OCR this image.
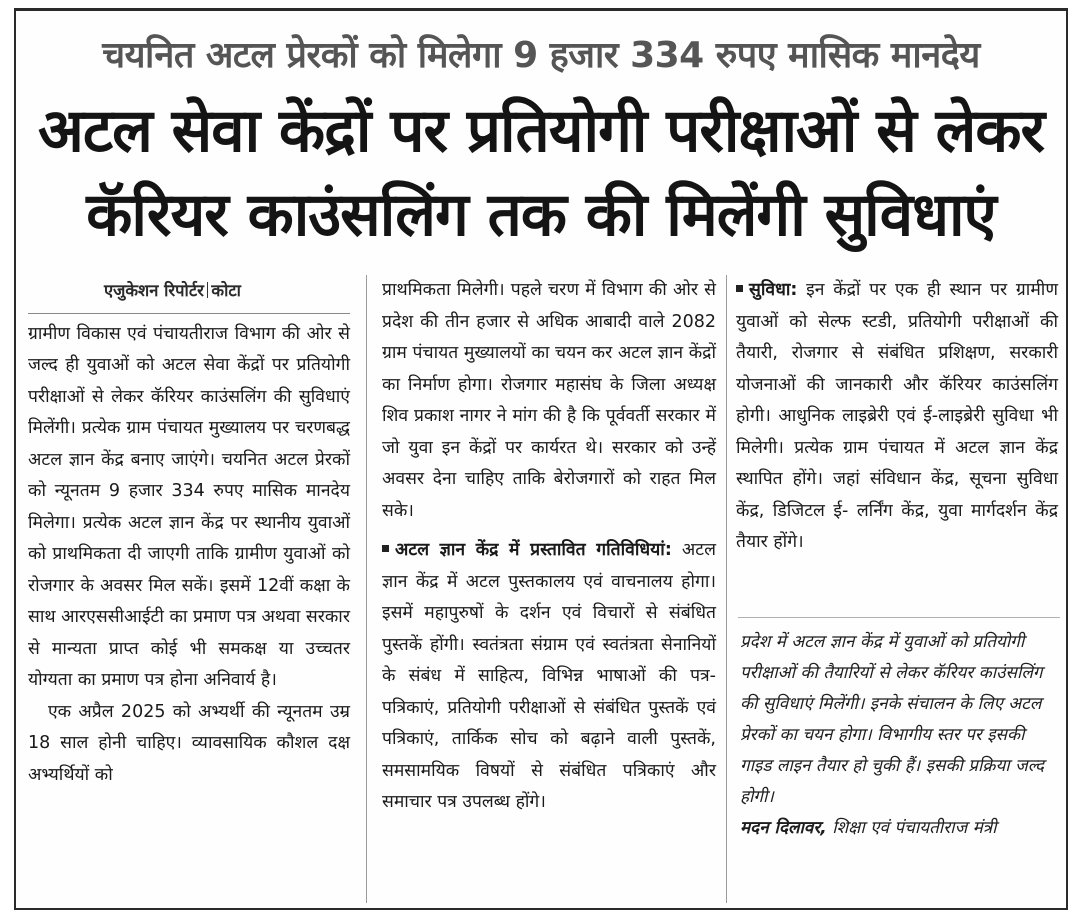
चयनित अटल प्रेरकों को मिलेगा 9 हजार 334 रुपए मासिक मानदेय
अटल सेवा केंद्रों पर प्रतियोगी परीक्षाओं से लेकर
कॅरियर काउंसलिंग तक की मिलेंगी सुविधाएं
एजुकेशन रिपोर्टर कोटा

ग्रामीण विकास एवं पंचायतीराज विभाग की ओर से जल्द ही युवाओं को अटल सेवा केंद्रों पर प्रतियोगी परीक्षाओं से लेकर कॅरियर काउंसलिंग की सुविधाएं मिलेंगी। प्रत्येक ग्राम पंचायत मुख्यालय पर चरणबद्ध अटल ज्ञान केंद्र बनाए जाएंगे। चयनित अटल प्रेरकों को न्यूनतम 9 हजार 334 रुपए मासिक मानदेय मिलेगा। प्रत्येक अटल ज्ञान केंद्र पर स्थानीय युवाओं को प्राथमिकता दी जाएगी ताकि ग्रामीण युवाओं को रोजगार के अवसर मिल सकें। इसमें 12वीं कक्षा के साथ आरएससीआईटी का प्रमाण पत्र अथवा सरकार से मान्यता प्राप्त कोई भी समकक्ष या उच्चतर योग्यता का प्रमाण पत्र होना अनिवार्य है।

एक अप्रैल 2025 को अभ्यर्थी की न्यूनतम उम्र 18 साल होनी चाहिए। व्यावसायिक कौशल दक्ष अभ्यर्थियों को

प्राथमिकता मिलेगी। पहले चरण में विभाग की ओर से प्रदेश की तीन हजार से अधिक आबादी वाले 2082 ग्राम पंचायत मुख्यालयों का चयन कर अटल ज्ञान केंद्रों का निर्माण होगा। रोजगार महासंघ के जिला अध्यक्ष शिव प्रकाश नागर ने मांग की है कि पूर्ववर्ती सरकार में जो युवा इन केंद्रों पर कार्यरत थे। सरकार को उन्हें अवसर देना चाहिए ताकि बेरोजगारों को राहत मिल सके।

अटल ज्ञान केंद्र में प्रस्तावित गतिविधियां: अटल ज्ञान केंद्र में अटल पुस्तकालय एवं वाचनालय होगा। इसमें महापुरुषों के दर्शन एवं विचारों से संबंधित पुस्तकें होंगी। स्वतंत्रता संग्राम एवं स्वतंत्रता सेनानियों के संबंध में साहित्य, विभिन्न भाषाओं की पत्र-पत्रिकाएं, प्रतियोगी परीक्षाओं से संबंधित पुस्तकें एवं पत्रिकाएं, तार्किक सोच को बढ़ाने वाली पुस्तकें, समसामयिक विषयों से संबंधित पत्रिकाएं और समाचार पत्र उपलब्ध होंगे।

सुविधा: इन केंद्रों पर एक ही स्थान पर ग्रामीण युवाओं को सेल्फ स्टडी, प्रतियोगी परीक्षाओं की तैयारी, रोजगार से संबंधित प्रशिक्षण, सरकारी योजनाओं की जानकारी और कॅरियर काउंसलिंग होगी। आधुनिक लाइब्रेरी एवं ई-लाइब्रेरी सुविधा भी मिलेगी। प्रत्येक ग्राम पंचायत में अटल ज्ञान केंद्र स्थापित होंगे। जहां संविधान केंद्र, सूचना सुविधा केंद्र, डिजिटल ई- लर्निंग केंद्र, युवा मार्गदर्शन केंद्र तैयार होंगे।

प्रदेश में अटल ज्ञान केंद्र में युवाओं को प्रतियोगी परीक्षाओं की तैयारियों से लेकर कॅरियर काउंसलिंग की सुविधाएं मिलेंगी। इनके संचालन के लिए अटल प्रेरकों का चयन होगा। विभागीय स्तर पर इसकी गाइड लाइन तैयार हो चुकी हैं। इसकी प्रक्रिया जल्द होगी।

मदन दिलावर, शिक्षा एवं पंचायतीराज मंत्री
